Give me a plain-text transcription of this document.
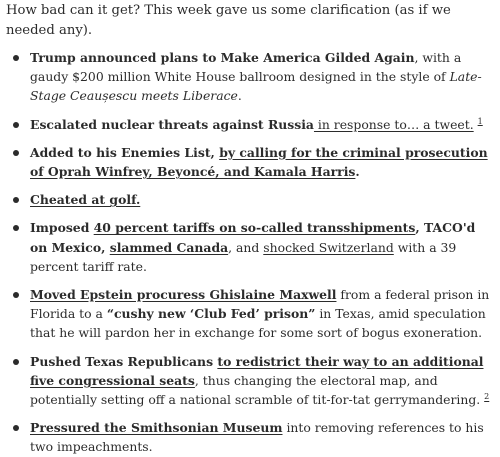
How bad can it get? This week gave us some clarification (as if we needed any).

Trump announced plans to Make America Gilded Again, with a gaudy $200 million White House ballroom designed in the style of Late-Stage Ceaușescu meets Liberace.
Escalated nuclear threats against Russia in response to… a tweet. $^1$
Added to his Enemies List, by calling for the criminal prosecution of Oprah Winfrey, Beyoncé, and Kamala Harris.
Cheated at golf.
Imposed 40 percent tariffs on so-called transshipments, TACO'd on Mexico, slammed Canada, and shocked Switzerland with a 39 percent tariff rate.
Moved Epstein procuress Ghislaine Maxwell from a federal prison in Florida to a “cushy new ‘Club Fed’ prison” in Texas, amid speculation that he will pardon her in exchange for some sort of bogus exoneration.
Pushed Texas Republicans to redistrict their way to an additional five congressional seats, thus changing the electoral map, and potentially setting off a national scramble of tit-for-tat gerrymandering. $^2$
Pressured the Smithsonian Museum into removing references to his two impeachments.
